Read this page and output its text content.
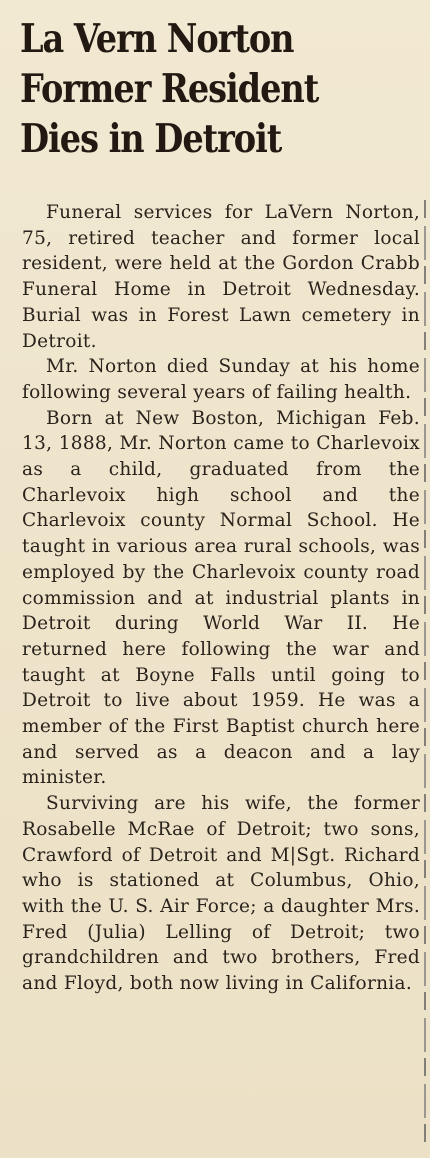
La Vern Norton
Former Resident
Dies in Detroit

Funeral services for LaVern Norton, 75, retired teacher and former local resident, were held at the Gordon Crabb Funeral Home in Detroit Wednesday. Burial was in Forest Lawn cemetery in Detroit.

Mr. Norton died Sunday at his home following several years of failing health.

Born at New Boston, Michigan Feb. 13, 1888, Mr. Norton came to Charlevoix as a child, graduated from the Charlevoix high school and the Charlevoix county Normal School. He taught in various area rural schools, was employed by the Charlevoix county road commission and at industrial plants in Detroit during World War II. He returned here following the war and taught at Boyne Falls until going to Detroit to live about 1959. He was a member of the First Baptist church here and served as a deacon and a lay minister.

Surviving are his wife, the former Rosabelle McRae of Detroit; two sons, Crawford of Detroit and M|Sgt. Richard who is stationed at Columbus, Ohio, with the U. S. Air Force; a daughter Mrs. Fred (Julia) Lelling of Detroit; two grandchildren and two brothers, Fred and Floyd, both now living in California.
